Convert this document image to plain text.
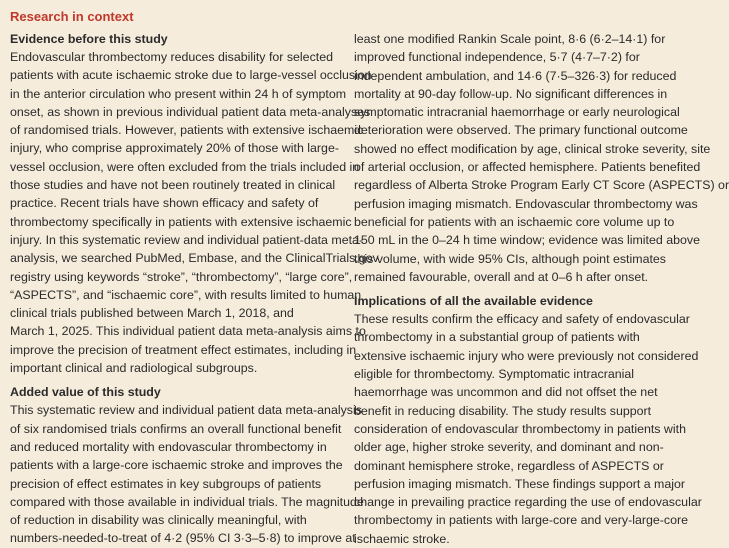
Research in context
Evidence before this study

Endovascular thrombectomy reduces disability for selected
patients with acute ischaemic stroke due to large-vessel occlusion
in the anterior circulation who present within 24 h of symptom
onset, as shown in previous individual patient data meta-analyses
of randomised trials. However, patients with extensive ischaemic
injury, who comprise approximately 20% of those with large-
vessel occlusion, were often excluded from the trials included in
those studies and have not been routinely treated in clinical
practice. Recent trials have shown efficacy and safety of
thrombectomy specifically in patients with extensive ischaemic
injury. In this systematic review and individual patient-data meta-
analysis, we searched PubMed, Embase, and the ClinicalTrials.gov
registry using keywords “stroke”, “thrombectomy”, “large core”,
“ASPECTS”, and “ischaemic core”, with results limited to human
clinical trials published between March 1, 2018, and
March 1, 2025. This individual patient data meta-analysis aims to
improve the precision of treatment effect estimates, including in
important clinical and radiological subgroups.

Added value of this study

This systematic review and individual patient data meta-analysis
of six randomised trials confirms an overall functional benefit
and reduced mortality with endovascular thrombectomy in
patients with a large-core ischaemic stroke and improves the
precision of effect estimates in key subgroups of patients
compared with those available in individual trials. The magnitude
of reduction in disability was clinically meaningful, with
numbers-needed-to-treat of 4·2 (95% CI 3·3–5·8) to improve at

least one modified Rankin Scale point, 8·6 (6·2–14·1) for
improved functional independence, 5·7 (4·7–7·2) for
independent ambulation, and 14·6 (7·5–326·3) for reduced
mortality at 90-day follow-up. No significant differences in
symptomatic intracranial haemorrhage or early neurological
deterioration were observed. The primary functional outcome
showed no effect modification by age, clinical stroke severity, site
of arterial occlusion, or affected hemisphere. Patients benefited
regardless of Alberta Stroke Program Early CT Score (ASPECTS) or
perfusion imaging mismatch. Endovascular thrombectomy was
beneficial for patients with an ischaemic core volume up to
150 mL in the 0–24 h time window; evidence was limited above
this volume, with wide 95% CIs, although point estimates
remained favourable, overall and at 0–6 h after onset.

Implications of all the available evidence

These results confirm the efficacy and safety of endovascular
thrombectomy in a substantial group of patients with
extensive ischaemic injury who were previously not considered
eligible for thrombectomy. Symptomatic intracranial
haemorrhage was uncommon and did not offset the net
benefit in reducing disability. The study results support
consideration of endovascular thrombectomy in patients with
older age, higher stroke severity, and dominant and non-
dominant hemisphere stroke, regardless of ASPECTS or
perfusion imaging mismatch. These findings support a major
change in prevailing practice regarding the use of endovascular
thrombectomy in patients with large-core and very-large-core
ischaemic stroke.
